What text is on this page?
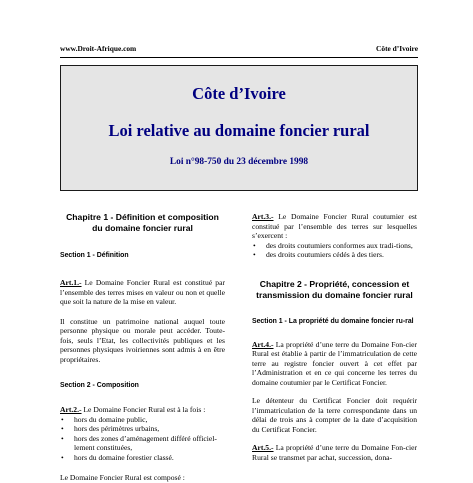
www.Droit-Afrique.com	Côte d’Ivoire
Côte d’Ivoire
Loi relative au domaine foncier rural
Loi n°98-750 du 23 décembre 1998
Chapitre 1 - Définition et composition
du domaine foncier rural

Section 1 - Définition

Art.1.- Le Domaine Foncier Rural est constitué par l’ensemble des terres mises en valeur ou non et quelle que soit la nature de la mise en valeur.

Il constitue un patrimoine national auquel toute personne physique ou morale peut accéder. Toute-fois, seuls l’Etat, les collectivités publiques et les personnes physiques ivoiriennes sont admis à en être propriétaires.

Section 2 - Composition

Art.2.- Le Domaine Foncier Rural est à la fois :

• hors du domaine public,
• hors des périmètres urbains,
• hors des zones d’aménagement différé officiel-lement constituées,
• hors du domaine forestier classé.

Le Domaine Foncier Rural est composé :

Art.3.- Le Domaine Foncier Rural coutumier est constitué par l’ensemble des terres sur lesquelles s’exercent :

• des droits coutumiers conformes aux tradi-tions,
• des droits coutumiers cédés à des tiers.
Chapitre 2 - Propriété, concession et
transmission du domaine foncier rural

Section 1 - La propriété du domaine foncier ru-ral

Art.4.- La propriété d’une terre du Domaine Fon-cier Rural est établie à partir de l’immatriculation de cette terre au registre foncier ouvert à cet effet par l’Administration et en ce qui concerne les terres du domaine coutumier par le Certificat Foncier.

Le détenteur du Certificat Foncier doit requérir l’immatriculation de la terre correspondante dans un délai de trois ans à compter de la date d’acquisition du Certificat Foncier.

Art.5.- La propriété d’une terre du Domaine Fon-cier Rural se transmet par achat, succession, dona-
